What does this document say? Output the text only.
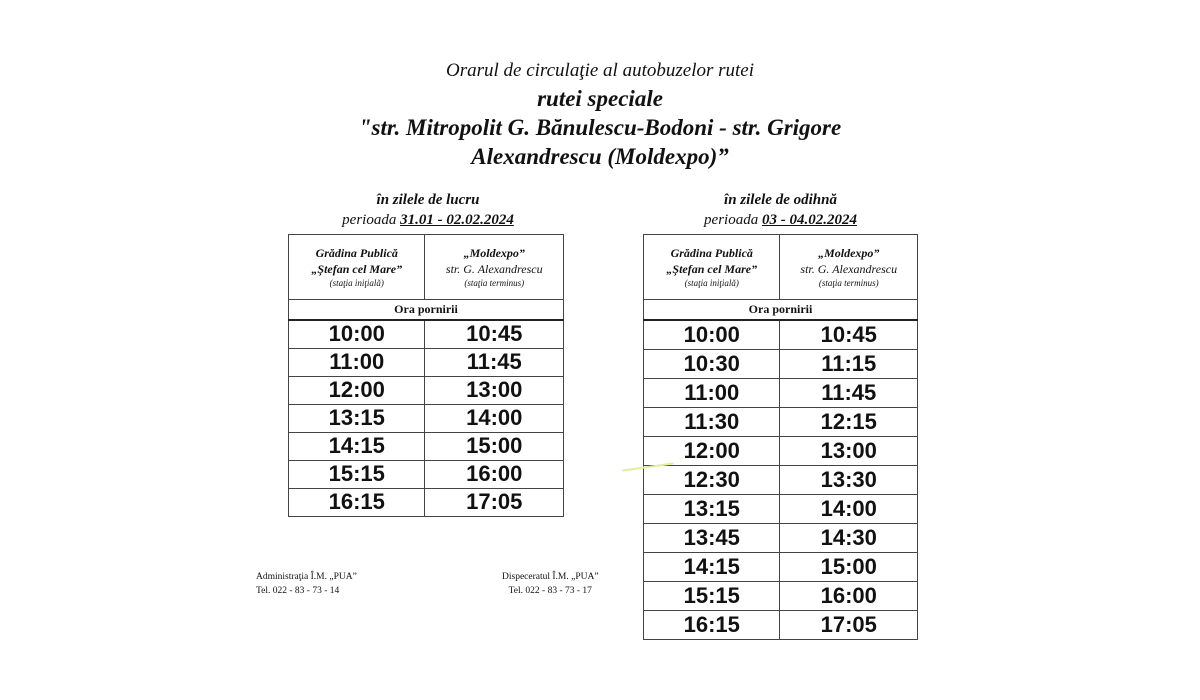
Orarul de circulaţie al autobuzelor rutei
rutei speciale
"str. Mitropolit G. Bănulescu-Bodoni - str. Grigore
Alexandrescu (Moldexpo)”
în zilele de lucru
perioada 31.01 - 02.02.2024
în zilele de odihnă
perioada 03 - 04.02.2024
Grădina Publică
„Ştefan cel Mare”
(staţia iniţială)	„Moldexpo”
str. G. Alexandrescu
(staţia terminus)

Ora pornirii	
10:00	10:45
11:00	11:45
12:00	13:00
13:15	14:00
14:15	15:00
15:15	16:00
16:15	17:05
Grădina Publică
„Ştefan cel Mare”
(staţia iniţială)	„Moldexpo”
str. G. Alexandrescu
(staţia terminus)

Ora pornirii	
10:00	10:45
10:30	11:15
11:00	11:45
11:30	12:15
12:00	13:00
12:30	13:30
13:15	14:00
13:45	14:30
14:15	15:00
15:15	16:00
16:15	17:05
Administraţia Î.M. „PUA”
Tel. 022 - 83 - 73 - 14
Dispeceratul Î.M. „PUA”
Tel. 022 - 83 - 73 - 17
